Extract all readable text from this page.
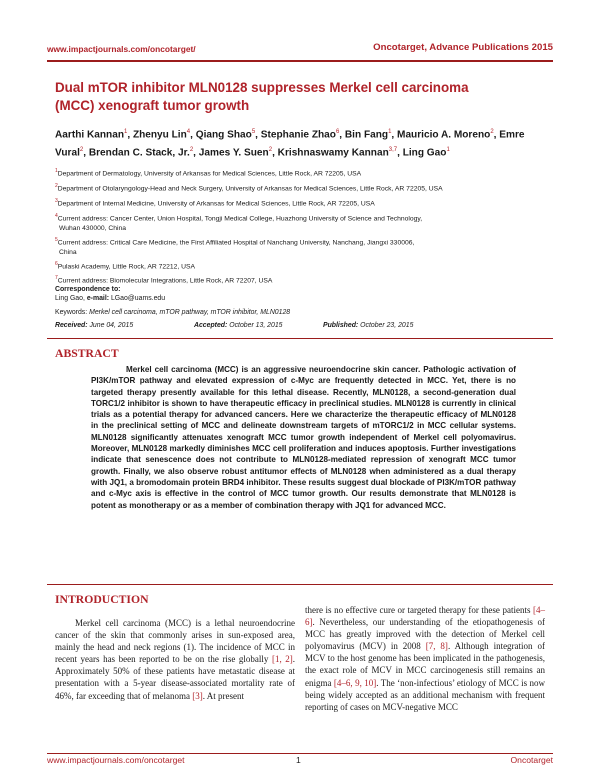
www.impactjournals.com/oncotarget/	Oncotarget, Advance Publications 2015
Dual mTOR inhibitor MLN0128 suppresses Merkel cell carcinoma
(MCC) xenograft tumor growth
Aarthi Kannan$^1$, Zhenyu Lin$^4$, Qiang Shao$^5$, Stephanie Zhao$^6$, Bin Fang$^1$, Mauricio A. Moreno$^2$, Emre Vural$^2$, Brendan C. Stack, Jr.$^2$, James Y. Suen$^2$, Krishnaswamy Kannan$^{3,7}$, Ling Gao$^1$
$^1$Department of Dermatology, University of Arkansas for Medical Sciences, Little Rock, AR 72205, USA
$^2$Department of Otolaryngology-Head and Neck Surgery, University of Arkansas for Medical Sciences, Little Rock, AR 72205, USA
$^3$Department of Internal Medicine, University of Arkansas for Medical Sciences, Little Rock, AR 72205, USA
$^4$Current address: Cancer Center, Union Hospital, Tongji Medical College, Huazhong University of Science and Technology,
Wuhan 430000, China
$^5$Current address: Critical Care Medicine, the First Affiliated Hospital of Nanchang University, Nanchang, Jiangxi 330006,
China
$^6$Pulaski Academy, Little Rock, AR 72212, USA
$^7$Current address: Biomolecular Integrations, Little Rock, AR 72207, USA
Correspondence to:
Ling Gao, e-mail: LGao@uams.edu
Keywords: Merkel cell carcinoma, mTOR pathway, mTOR inhibitor, MLN0128
Received: June 04, 2015	Accepted: October 13, 2015	Published: October 23, 2015
ABSTRACT
Merkel cell carcinoma (MCC) is an aggressive neuroendocrine skin cancer. Pathologic activation of PI3K/mTOR pathway and elevated expression of c-Myc are frequently detected in MCC. Yet, there is no targeted therapy presently available for this lethal disease. Recently, MLN0128, a second-generation dual TORC1/2 inhibitor is shown to have therapeutic efficacy in preclinical studies. MLN0128 is currently in clinical trials as a potential therapy for advanced cancers. Here we characterize the therapeutic efficacy of MLN0128 in the preclinical setting of MCC and delineate downstream targets of mTORC1/2 in MCC cellular systems. MLN0128 significantly attenuates xenograft MCC tumor growth independent of Merkel cell polyomavirus. Moreover, MLN0128 markedly diminishes MCC cell proliferation and induces apoptosis. Further investigations indicate that senescence does not contribute to MLN0128-mediated repression of xenograft MCC tumor growth. Finally, we also observe robust antitumor effects of MLN0128 when administered as a dual therapy with JQ1, a bromodomain protein BRD4 inhibitor. These results suggest dual blockade of PI3K/mTOR pathway and c-Myc axis is effective in the control of MCC tumor growth. Our results demonstrate that MLN0128 is potent as monotherapy or as a member of combination therapy with JQ1 for advanced MCC.
INTRODUCTION

Merkel cell carcinoma (MCC) is a lethal neuroendocrine cancer of the skin that commonly arises in sun-exposed area, mainly the head and neck regions (1). The incidence of MCC in recent years has been reported to be on the rise globally [1, 2]. Approximately 50% of these patients have metastatic disease at presentation with a 5-year disease-associated mortality rate of 46%, far exceeding that of melanoma [3]. At present

there is no effective cure or targeted therapy for these patients [4–6]. Nevertheless, our understanding of the etiopathogenesis of MCC has greatly improved with the detection of Merkel cell polyomavirus (MCV) in 2008 [7, 8]. Although integration of MCV to the host genome has been implicated in the pathogenesis, the exact role of MCV in MCC carcinogenesis still remains an enigma [4–6, 9, 10]. The ‘non-infectious’ etiology of MCC is now being widely accepted as an additional mechanism with frequent reporting of cases on MCV-negative MCC

www.impactjournals.com/oncotarget	1	Oncotarget
